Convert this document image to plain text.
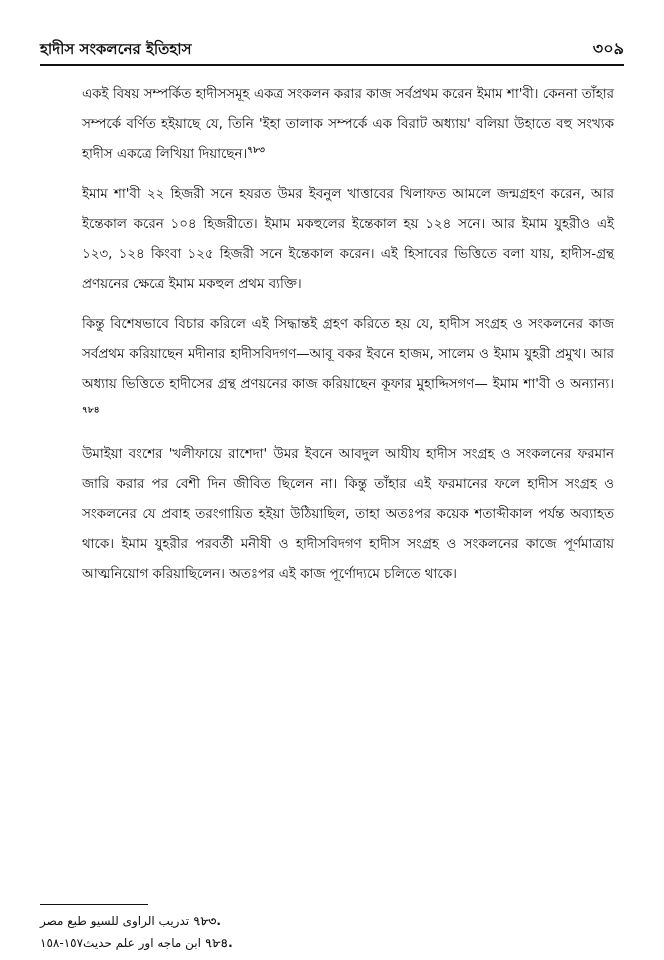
হাদীস সংকলনের ইতিহাস	৩০৯

একই বিষয় সম্পর্কিত হাদীসসমূহ একত্র সংকলন করার কাজ সর্বপ্রথম করেন ইমাম শা'বী। কেননা তাঁহার সম্পর্কে বর্ণিত হইয়াছে যে, তিনি 'ইহা তালাক সম্পর্কে এক বিরাট অধ্যায়' বলিয়া উহাতে বহু সংখ্যক হাদীস একত্রে লিখিয়া দিয়াছেন।$^{৭৮৩}$

ইমাম শা'বী ২২ হিজরী সনে হযরত উমর ইবনুল খাত্তাবের খিলাফত আমলে জন্মগ্রহণ করেন, আর ইন্তেকাল করেন ১০৪ হিজরীতে। ইমাম মকহুলের ইন্তেকাল হয় ১২৪ সনে। আর ইমাম যুহরীও এই ১২৩, ১২৪ কিংবা ১২৫ হিজরী সনে ইন্তেকাল করেন। এই হিসাবের ভিত্তিতে বলা যায়, হাদীস-গ্রন্থ প্রণয়নের ক্ষেত্রে ইমাম মকহুল প্রথম ব্যক্তি।

কিন্তু বিশেষভাবে বিচার করিলে এই সিদ্ধান্তই গ্রহণ করিতে হয় যে, হাদীস সংগ্রহ ও সংকলনের কাজ সর্বপ্রথম করিয়াছেন মদীনার হাদীসবিদগণ—আবূ বকর ইবনে হাজম, সালেম ও ইমাম যুহরী প্রমুখ। আর অধ্যায় ভিত্তিতে হাদীসের গ্রন্থ প্রণয়নের কাজ করিয়াছেন কূফার মুহাদ্দিসগণ— ইমাম শা'বী ও অন্যান্য।$^{৭৮৪}$

উমাইয়া বংশের 'খলীফায়ে রাশেদা' উমর ইবনে আবদুল আযীয হাদীস সংগ্রহ ও সংকলনের ফরমান জারি করার পর বেশী দিন জীবিত ছিলেন না। কিন্তু তাঁহার এই ফরমানের ফলে হাদীস সংগ্রহ ও সংকলনের যে প্রবাহ তরংগায়িত হইয়া উঠিয়াছিল, তাহা অতঃপর কয়েক শতাব্দীকাল পর্যন্ত অব্যাহত থাকে। ইমাম যুহরীর পরবর্তী মনীষী ও হাদীসবিদগণ হাদীস সংগ্রহ ও সংকলনের কাজে পূর্ণমাত্রায় আত্মনিয়োগ করিয়াছিলেন। অতঃপর এই কাজ পূর্ণোদ্যমে চলিতে থাকে।

تدریب الراوی للسیو طبع مصر ৭৮৩.
ابن ماجه اور علم حدیث١٥٧-١٥٨ ৭৮৪.
